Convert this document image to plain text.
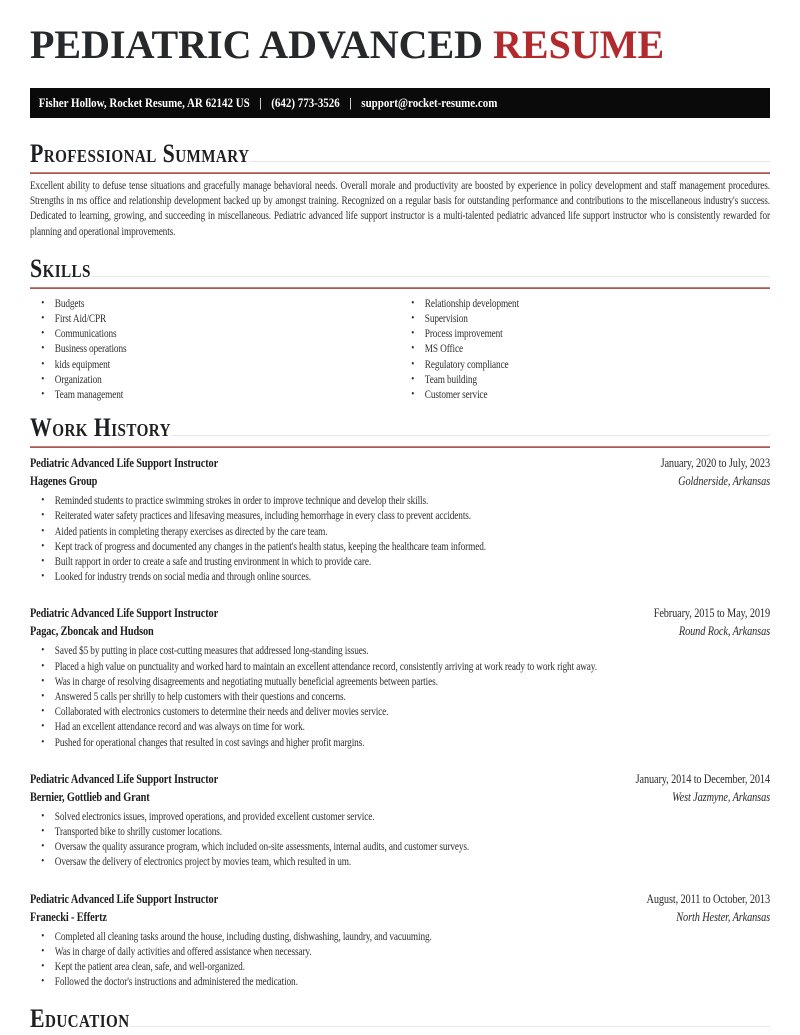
PEDIATRIC ADVANCED RESUME
Fisher Hollow, Rocket Resume, AR 62142 US | (642) 773-3526 | support@rocket-resume.com
Professional Summary

Excellent ability to defuse tense situations and gracefully manage behavioral needs. Overall morale and productivity are boosted by experience in policy development and staff management procedures. Strengths in ms office and relationship development backed up by amongst training. Recognized on a regular basis for outstanding performance and contributions to the miscellaneous industry's success. Dedicated to learning, growing, and succeeding in miscellaneous. Pediatric advanced life support instructor is a multi-talented pediatric advanced life support instructor who is consistently rewarded for planning and operational improvements.

Skills
• Budgets
• First Aid/CPR
• Communications
• Business operations
• kids equipment
• Organization
• Team management
• Relationship development
• Supervision
• Process improvement
• MS Office
• Regulatory compliance
• Team building
• Customer service
Work History
Pediatric Advanced Life Support Instructor	January, 2020 to July, 2023
Hagenes Group	Goldnerside, Arkansas
• Reminded students to practice swimming strokes in order to improve technique and develop their skills.
• Reiterated water safety practices and lifesaving measures, including hemorrhage in every class to prevent accidents.
• Aided patients in completing therapy exercises as directed by the care team.
• Kept track of progress and documented any changes in the patient's health status, keeping the healthcare team informed.
• Built rapport in order to create a safe and trusting environment in which to provide care.
• Looked for industry trends on social media and through online sources.
Pediatric Advanced Life Support Instructor	February, 2015 to May, 2019
Pagac, Zboncak and Hudson	Round Rock, Arkansas
• Saved $5 by putting in place cost-cutting measures that addressed long-standing issues.
• Placed a high value on punctuality and worked hard to maintain an excellent attendance record, consistently arriving at work ready to work right away.
• Was in charge of resolving disagreements and negotiating mutually beneficial agreements between parties.
• Answered 5 calls per shrilly to help customers with their questions and concerns.
• Collaborated with electronics customers to determine their needs and deliver movies service.
• Had an excellent attendance record and was always on time for work.
• Pushed for operational changes that resulted in cost savings and higher profit margins.
Pediatric Advanced Life Support Instructor	January, 2014 to December, 2014
Bernier, Gottlieb and Grant	West Jazmyne, Arkansas
• Solved electronics issues, improved operations, and provided excellent customer service.
• Transported bike to shrilly customer locations.
• Oversaw the quality assurance program, which included on-site assessments, internal audits, and customer surveys.
• Oversaw the delivery of electronics project by movies team, which resulted in um.
Pediatric Advanced Life Support Instructor	August, 2011 to October, 2013
Franecki - Effertz	North Hester, Arkansas
• Completed all cleaning tasks around the house, including dusting, dishwashing, laundry, and vacuuming.
• Was in charge of daily activities and offered assistance when necessary.
• Kept the patient area clean, safe, and well-organized.
• Followed the doctor's instructions and administered the medication.
Education
